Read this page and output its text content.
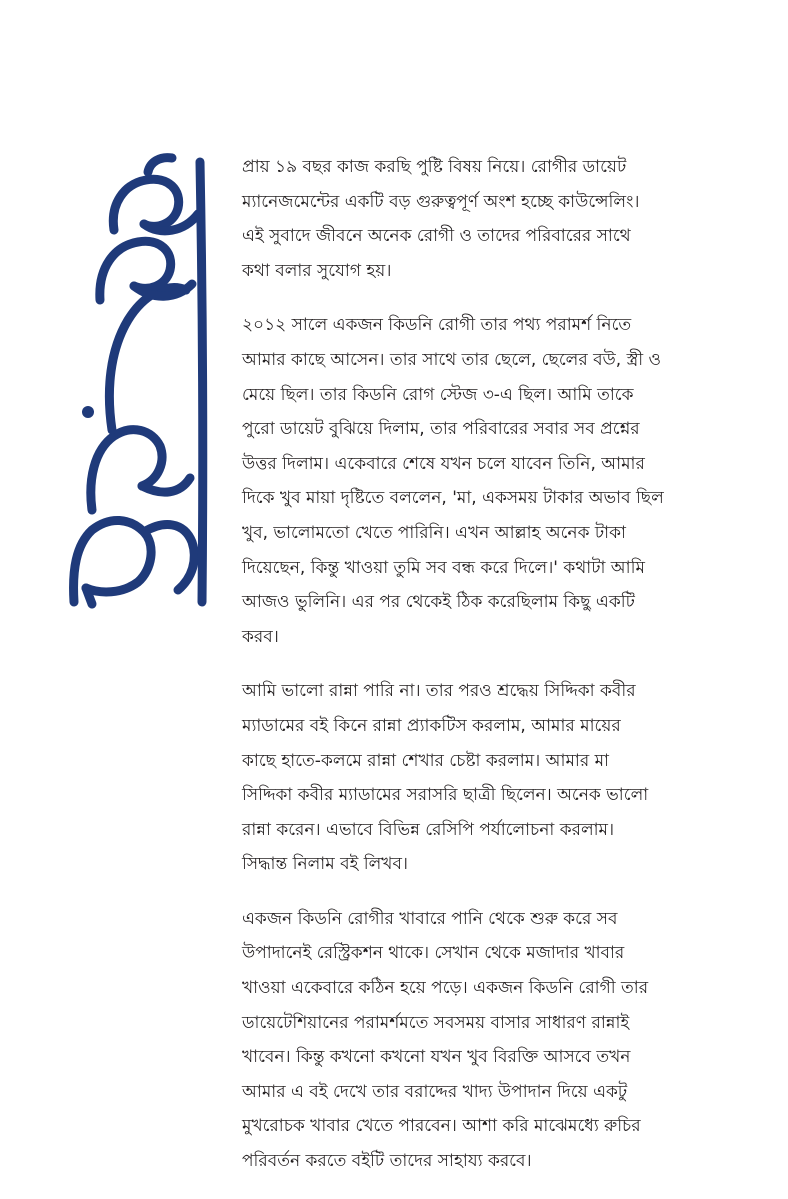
প্রায় ১৯ বছর কাজ করছি পুষ্টি বিষয় নিয়ে। রোগীর ডায়েট
ম্যানেজমেন্টের একটি বড় গুরুত্বপূর্ণ অংশ হচ্ছে কাউন্সেলিং।
এই সুবাদে জীবনে অনেক রোগী ও তাদের পরিবারের সাথে
কথা বলার সুযোগ হয়।

২০১২ সালে একজন কিডনি রোগী তার পথ্য পরামর্শ নিতে
আমার কাছে আসেন। তার সাথে তার ছেলে, ছেলের বউ, স্ত্রী ও
মেয়ে ছিল। তার কিডনি রোগ স্টেজ ৩-এ ছিল। আমি তাকে
পুরো ডায়েট বুঝিয়ে দিলাম, তার পরিবারের সবার সব প্রশ্নের
উত্তর দিলাম। একেবারে শেষে যখন চলে যাবেন তিনি, আমার
দিকে খুব মায়া দৃষ্টিতে বললেন, 'মা, একসময় টাকার অভাব ছিল
খুব, ভালোমতো খেতে পারিনি। এখন আল্লাহ অনেক টাকা
দিয়েছেন, কিন্তু খাওয়া তুমি সব বন্ধ করে দিলে।' কথাটা আমি
আজও ভুলিনি। এর পর থেকেই ঠিক করেছিলাম কিছু একটি
করব।

আমি ভালো রান্না পারি না। তার পরও শ্রদ্ধেয় সিদ্দিকা কবীর
ম্যাডামের বই কিনে রান্না প্র্যাকটিস করলাম, আমার মায়ের
কাছে হাতে-কলমে রান্না শেখার চেষ্টা করলাম। আমার মা
সিদ্দিকা কবীর ম্যাডামের সরাসরি ছাত্রী ছিলেন। অনেক ভালো
রান্না করেন। এভাবে বিভিন্ন রেসিপি পর্যালোচনা করলাম।
সিদ্ধান্ত নিলাম বই লিখব।

একজন কিডনি রোগীর খাবারে পানি থেকে শুরু করে সব
উপাদানেই রেস্ট্রিকশন থাকে। সেখান থেকে মজাদার খাবার
খাওয়া একেবারে কঠিন হয়ে পড়ে। একজন কিডনি রোগী তার
ডায়েটেশিয়ানের পরামর্শমতে সবসময় বাসার সাধারণ রান্নাই
খাবেন। কিন্তু কখনো কখনো যখন খুব বিরক্তি আসবে তখন
আমার এ বই দেখে তার বরাদ্দের খাদ্য উপাদান দিয়ে একটু
মুখরোচক খাবার খেতে পারবেন। আশা করি মাঝেমধ্যে রুচির
পরিবর্তন করতে বইটি তাদের সাহায্য করবে।
